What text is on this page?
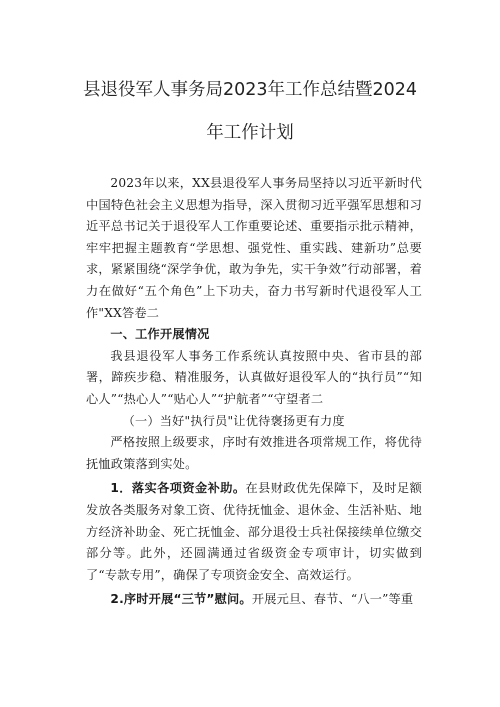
县退役军人事务局2023年工作总结暨2024
年工作计划

2023年以来，XX县退役军人事务局坚持以习近平新时代中国特色社会主义思想为指导，深入贯彻习近平强军思想和习近平总书记关于退役军人工作重要论述、重要指示批示精神，牢牢把握主题教育“学思想、强党性、重实践、建新功”总要求，紧紧围绕“深学争优，敢为争先，实干争效”行动部署，着力在做好“五个角色”上下功夫，奋力书写新时代退役军人工作"XX答卷二

一、工作开展情况

我县退役军人事务工作系统认真按照中央、省市县的部署，蹄疾步稳、精准服务，认真做好退役军人的“执行员”“知心人”“热心人”“贴心人”“护航者”“守望者二

（一）当好"执行员"让优待褒扬更有力度

严格按照上级要求，序时有效推进各项常规工作，将优待抚恤政策落到实处。

1．落实各项资金补助。在县财政优先保障下，及时足额发放各类服务对象工资、优待抚恤金、退休金、生活补贴、地方经济补助金、死亡抚恤金、部分退役士兵社保接续单位缴交部分等。此外，还圆满通过省级资金专项审计，切实做到了“专款专用”，确保了专项资金安全、高效运行。

2.序时开展“三节”慰问。开展元旦、春节、“八一”等重
